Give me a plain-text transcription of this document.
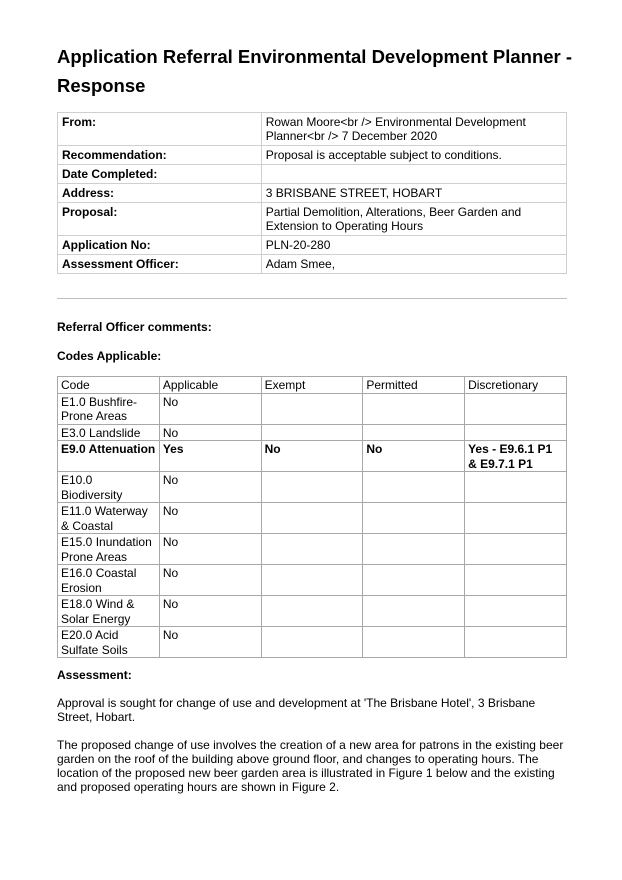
Application Referral Environmental Development Planner - Response
From:	Rowan Moore<br /> Environmental Development Planner<br /> 7 December 2020
Recommendation:	Proposal is acceptable subject to conditions.
Date Completed:	
Address:	3 BRISBANE STREET, HOBART
Proposal:	Partial Demolition, Alterations, Beer Garden and Extension to Operating Hours
Application No:	PLN-20-280
Assessment Officer:	Adam Smee,
Referral Officer comments:
Codes Applicable:
Code	Applicable	Exempt	Permitted	Discretionary
E1.0 Bushfire-Prone Areas	No			
E3.0 Landslide	No			
E9.0 Attenuation	Yes	No	No	Yes - E9.6.1 P1 & E9.7.1 P1
E10.0 Biodiversity	No			
E11.0 Waterway & Coastal	No			
E15.0 Inundation Prone Areas	No			
E16.0 Coastal Erosion	No			
E18.0 Wind & Solar Energy	No			
E20.0 Acid Sulfate Soils	No			
Assessment:

Approval is sought for change of use and development at 'The Brisbane Hotel', 3 Brisbane Street, Hobart.

The proposed change of use involves the creation of a new area for patrons in the existing beer garden on the roof of the building above ground floor, and changes to operating hours. The location of the proposed new beer garden area is illustrated in Figure 1 below and the existing and proposed operating hours are shown in Figure 2.
